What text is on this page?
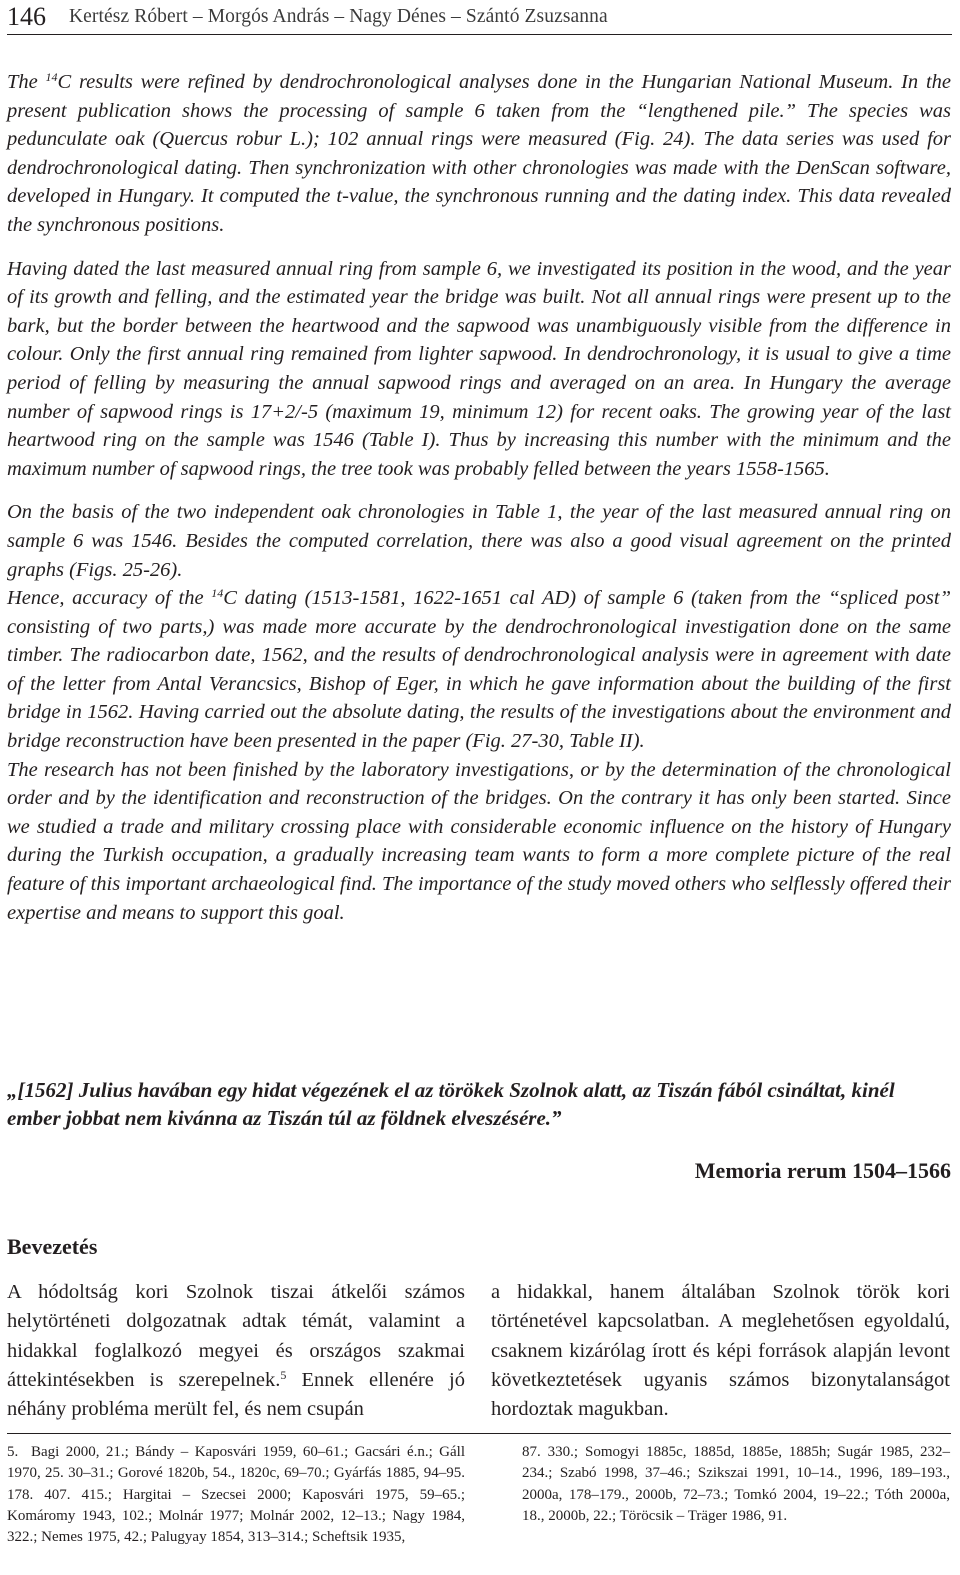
146	Kertész Róbert – Morgós András – Nagy Dénes – Szántó Zsuzsanna

The $^{14}$C results were refined by dendrochronological analyses done in the Hungarian National Museum. In the present publication shows the processing of sample 6 taken from the “lengthened pile.” The species was pedunculate oak (Quercus robur L.); 102 annual rings were measured (Fig. 24). The data series was used for dendrochronological dating. Then synchronization with other chronologies was made with the DenScan software, developed in Hungary. It computed the t-value, the synchronous running and the dating index. This data revealed the synchronous positions.

Having dated the last measured annual ring from sample 6, we investigated its position in the wood, and the year of its growth and felling, and the estimated year the bridge was built. Not all annual rings were present up to the bark, but the border between the heartwood and the sapwood was unambiguously visible from the difference in colour. Only the first annual ring remained from lighter sapwood. In dendrochronology, it is usual to give a time period of felling by measuring the annual sapwood rings and averaged on an area. In Hungary the average number of sapwood rings is 17+2/-5 (maximum 19, minimum 12) for recent oaks. The growing year of the last heartwood ring on the sample was 1546 (Table I). Thus by increasing this number with the minimum and the maximum number of sapwood rings, the tree took was probably felled between the years 1558-1565.

On the basis of the two independent oak chronologies in Table 1, the year of the last measured annual ring on sample 6 was 1546. Besides the computed correlation, there was also a good visual agreement on the printed graphs (Figs. 25-26).

Hence, accuracy of the $^{14}$C dating (1513-1581, 1622-1651 cal AD) of sample 6 (taken from the “spliced post” consisting of two parts,) was made more accurate by the dendrochronological investigation done on the same timber. The radiocarbon date, 1562, and the results of dendrochronological analysis were in agreement with date of the letter from Antal Verancsics, Bishop of Eger, in which he gave information about the building of the first bridge in 1562. Having carried out the absolute dating, the results of the investigations about the environment and bridge reconstruction have been presented in the paper (Fig. 27-30, Table II).

The research has not been finished by the laboratory investigations, or by the determination of the chronological order and by the identification and reconstruction of the bridges. On the contrary it has only been started. Since we studied a trade and military crossing place with considerable economic influence on the history of Hungary during the Turkish occupation, a gradually increasing team wants to form a more complete picture of the real feature of this important archaeological find. The importance of the study moved others who selflessly offered their expertise and means to support this goal.

„[1562] Julius havában egy hidat végezének el az törökek Szolnok alatt, az Tiszán fából csináltat, kinél ember jobbat nem kivánna az Tiszán túl az földnek elveszésére.”
Memoria rerum 1504–1566
Bevezetés
A hódoltság kori Szolnok tiszai átkelői számos helytörténeti dolgozatnak adtak témát, valamint a hidakkal foglalkozó megyei és országos szakmai áttekintésekben is szerepelnek.$^5$ Ennek ellenére jó néhány probléma merült fel, és nem csupán
a hidakkal, hanem általában Szolnok török kori történetével kapcsolatban. A meglehetősen egyoldalú, csaknem kizárólag írott és képi források alapján levont következtetések ugyanis számos bizonytalanságot hordoztak magukban.
5. Bagi 2000, 21.; Bándy – Kaposvári 1959, 60–61.; Gacsári é.n.; Gáll 1970, 25. 30–31.; Gorové 1820b, 54., 1820c, 69–70.; Gyárfás 1885, 94–95. 178. 407. 415.; Hargitai – Szecsei 2000; Kaposvári 1975, 59–65.; Komáromy 1943, 102.; Molnár 1977; Molnár 2002, 12–13.; Nagy 1984, 322.; Nemes 1975, 42.; Palugyay 1854, 313–314.; Scheftsik 1935,
87. 330.; Somogyi 1885c, 1885d, 1885e, 1885h; Sugár 1985, 232–234.; Szabó 1998, 37–46.; Szikszai 1991, 10–14., 1996, 189–193., 2000a, 178–179., 2000b, 72–73.; Tomkó 2004, 19–22.; Tóth 2000a, 18., 2000b, 22.; Töröcsik – Träger 1986, 91.
